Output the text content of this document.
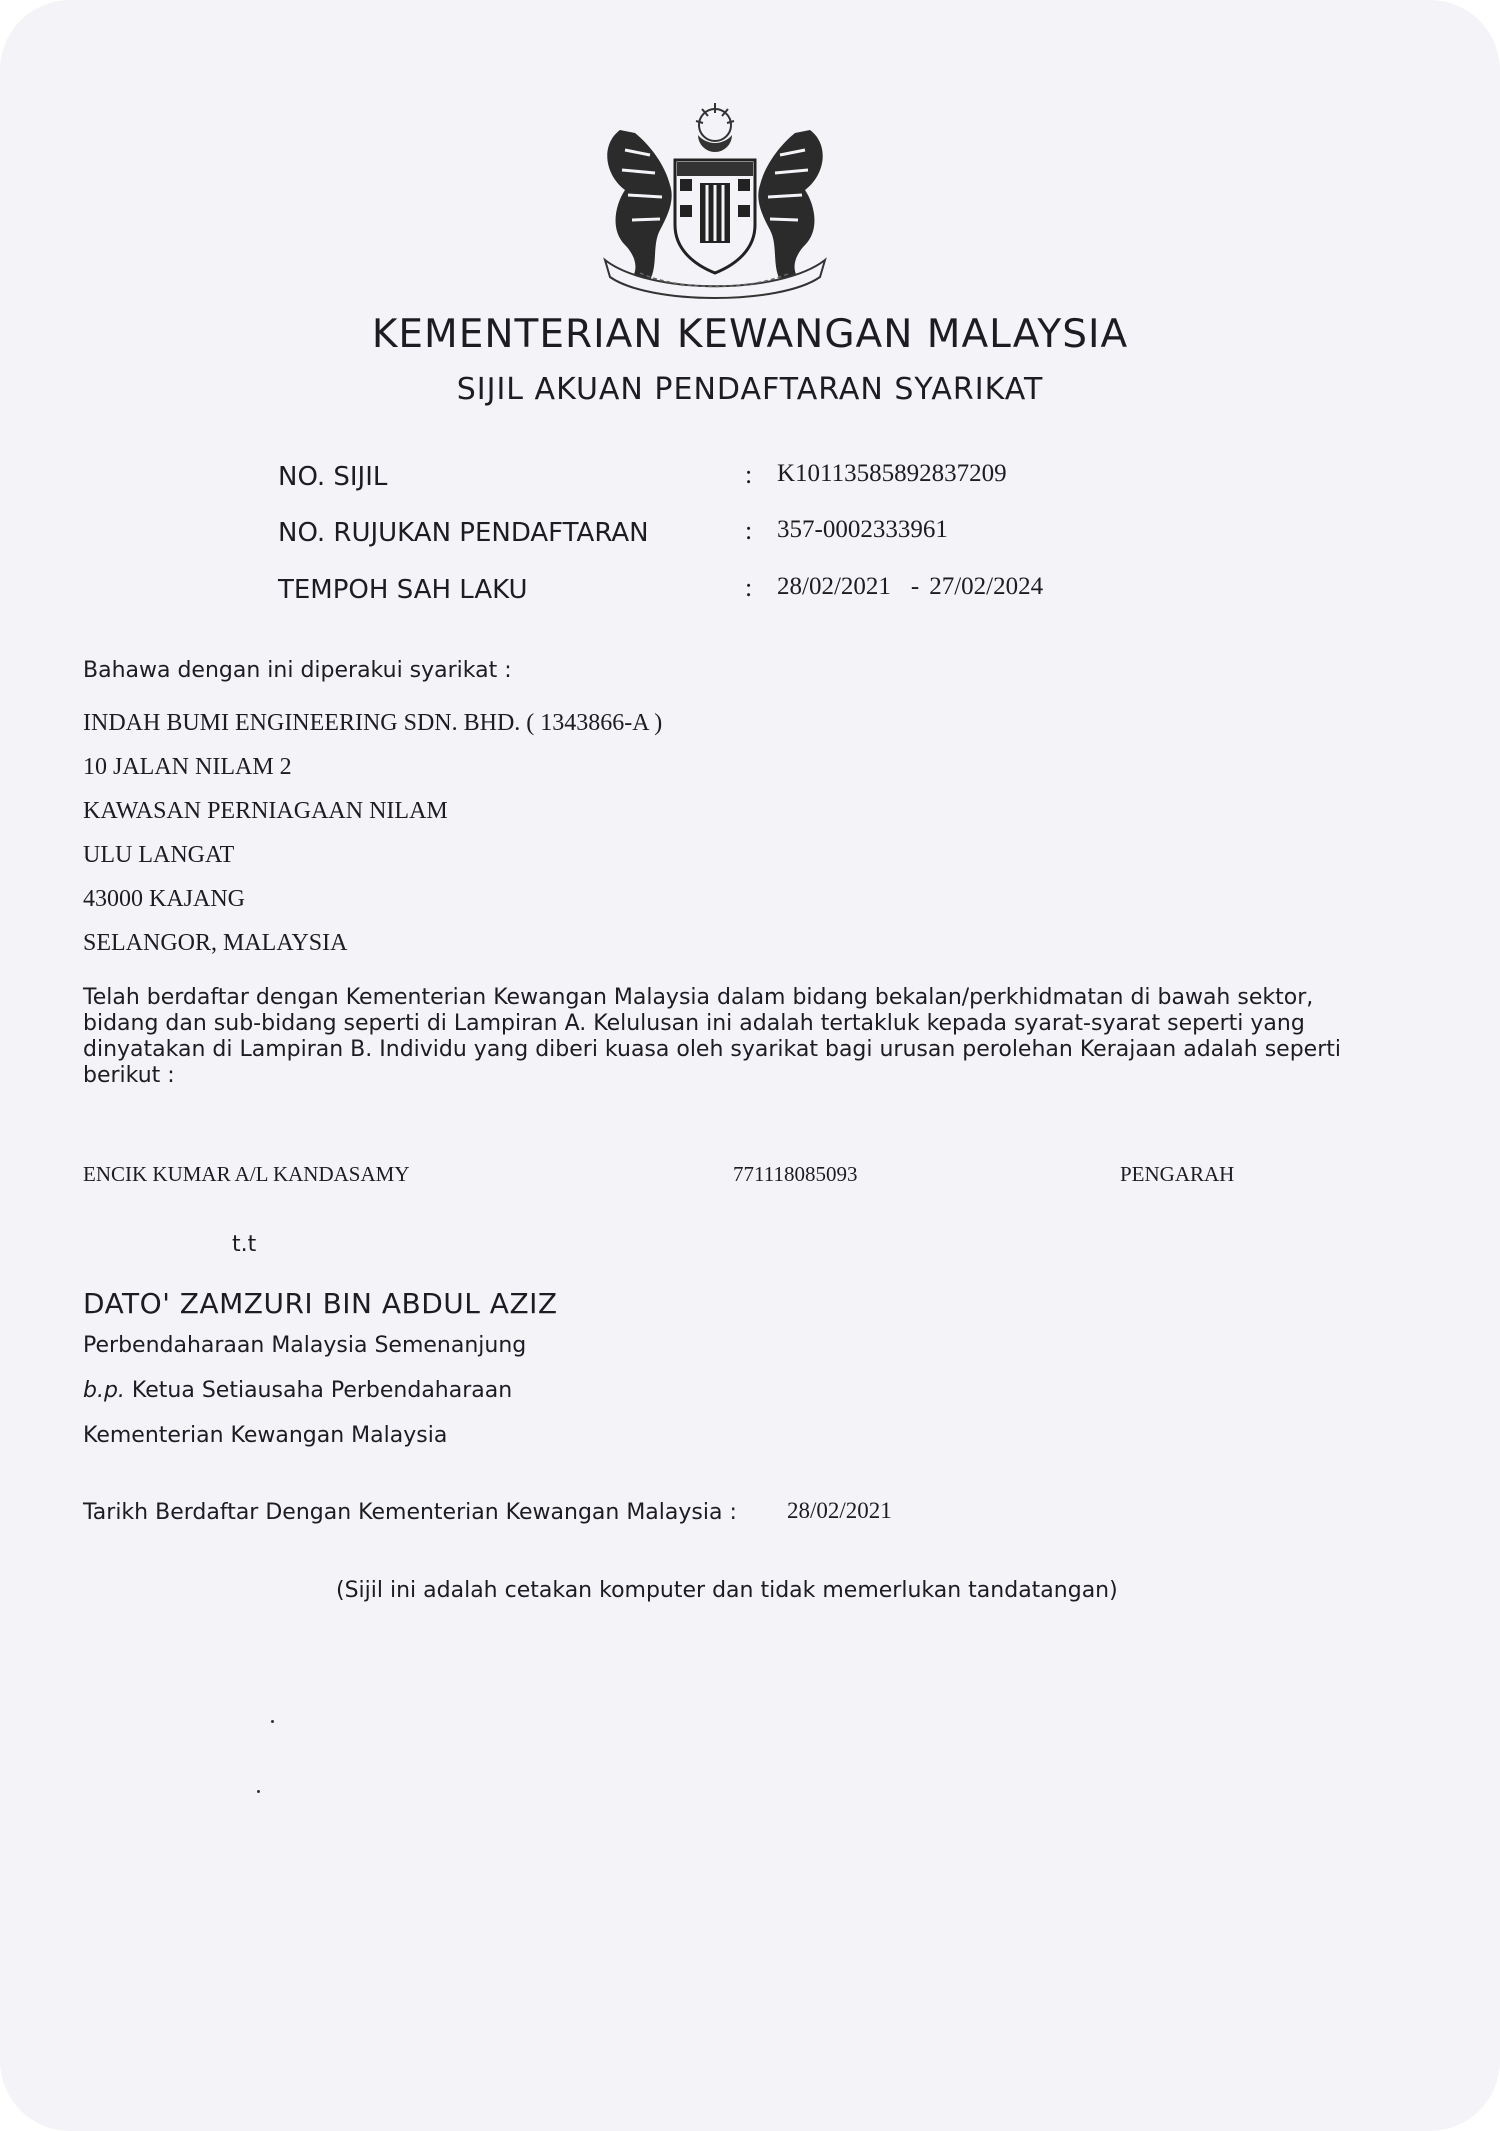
KEMENTERIAN KEWANGAN MALAYSIA
SIJIL AKUAN PENDAFTARAN SYARIKAT
NO. SIJIL	: K10113585892837209
NO. RUJUKAN PENDAFTARAN	: 357-0002333961
TEMPOH SAH LAKU	: 28/02/2021 - 27/02/2024
Bahawa dengan ini diperakui syarikat :
INDAH BUMI ENGINEERING SDN. BHD. ( 1343866-A )
10 JALAN NILAM 2
KAWASAN PERNIAGAAN NILAM
ULU LANGAT
43000 KAJANG
SELANGOR, MALAYSIA

Telah berdaftar dengan Kementerian Kewangan Malaysia dalam bidang bekalan/perkhidmatan di bawah sektor, bidang dan sub-bidang seperti di Lampiran A. Kelulusan ini adalah tertakluk kepada syarat-syarat seperti yang dinyatakan di Lampiran B. Individu yang diberi kuasa oleh syarikat bagi urusan perolehan Kerajaan adalah seperti berikut :

ENCIK KUMAR A/L KANDASAMY	771118085093	PENGARAH
t.t
DATO' ZAMZURI BIN ABDUL AZIZ
Perbendaharaan Malaysia Semenanjung
b.p. Ketua Setiausaha Perbendaharaan
Kementerian Kewangan Malaysia
Tarikh Berdaftar Dengan Kementerian Kewangan Malaysia : 28/02/2021
(Sijil ini adalah cetakan komputer dan tidak memerlukan tandatangan)
